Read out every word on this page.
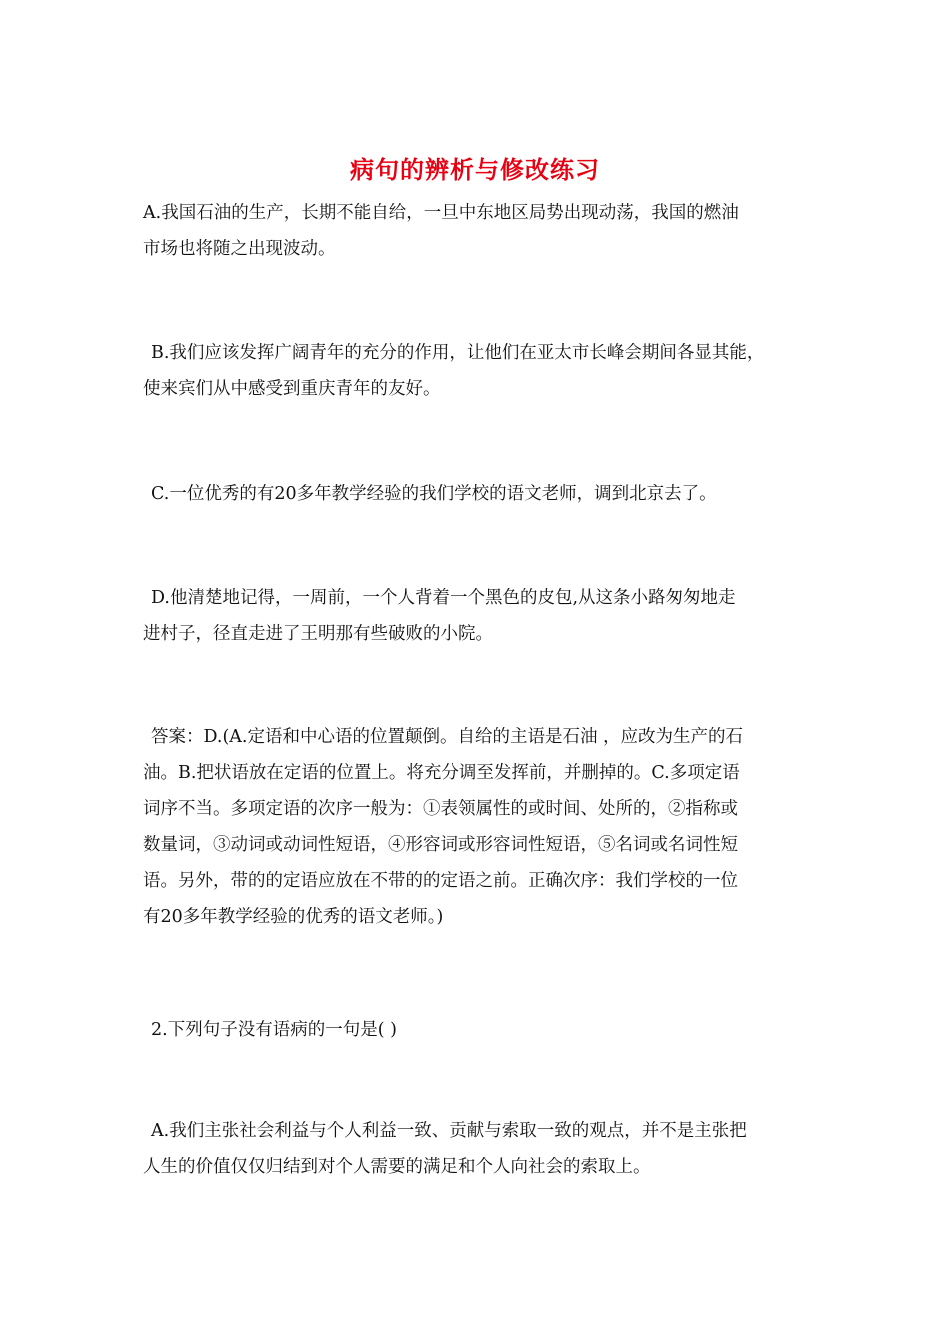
病句的辨析与修改练习
A.我国石油的生产，长期不能自给，一旦中东地区局势出现动荡，我国的燃油
市场也将随之出现波动。
B.我们应该发挥广阔青年的充分的作用，让他们在亚太市长峰会期间各显其能，
使来宾们从中感受到重庆青年的友好。
C.一位优秀的有20多年教学经验的我们学校的语文老师，调到北京去了。
D.他清楚地记得，一周前，一个人背着一个黑色的皮包,从这条小路匆匆地走
进村子，径直走进了王明那有些破败的小院。
答案：D.(A.定语和中心语的位置颠倒。自给的主语是石油 ，应改为生产的石
油。B.把状语放在定语的位置上。将充分调至发挥前，并删掉的。C.多项定语
词序不当。多项定语的次序一般为：①表领属性的或时间、处所的，②指称或
数量词，③动词或动词性短语，④形容词或形容词性短语，⑤名词或名词性短
语。另外，带的的定语应放在不带的的定语之前。正确次序：我们学校的一位
有20多年教学经验的优秀的语文老师。)
2.下列句子没有语病的一句是( )
A.我们主张社会利益与个人利益一致、贡献与索取一致的观点，并不是主张把
人生的价值仅仅归结到对个人需要的满足和个人向社会的索取上。
